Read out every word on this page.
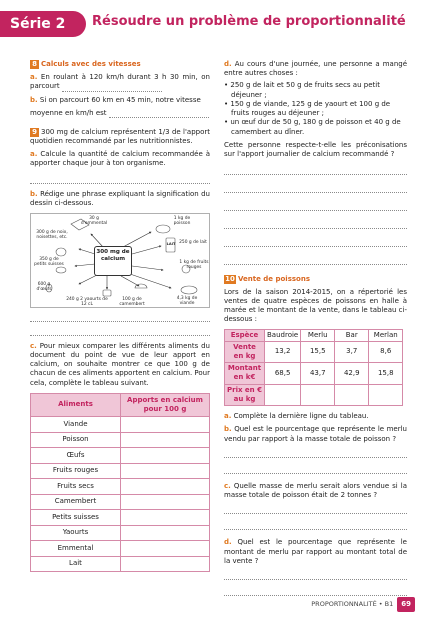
Série 2 Résoudre un problème de proportionnalité

8 Calculs avec des vitesses

a. En roulant à 120 km/h durant 3 h 30 min, on parcourt

b. Si on parcourt 60 km en 45 min, notre vitesse

moyenne en km/h est

9 300 mg de calcium représentent 1/3 de l'apport quotidien recommandé par les nutritionnistes.

a. Calcule la quantité de calcium recommandée à apporter chaque jour à ton organisme.

b. Rédige une phrase expliquant la signification du dessin ci-dessous.

300 mg de calcium
30 g d'emmental
1 kg de poisson
300 g de noix, noisettes, etc.
250 g de lait
350 g de petits suisses	1 kg de fruits rouges
600 g d'œufs
240 g 2 yaourts de 12 cL
100 g de camembert
4,3 kg de viande
LAIT

c. Pour mieux comparer les différents aliments du document du point de vue de leur apport en calcium, on souhaite montrer ce que 100 g de chacun de ces aliments apportent en calcium. Pour cela, complète le tableau suivant.

Aliments	Apports en calcium pour 100 g
Viande	
Poisson	
Œufs	
Fruits rouges	
Fruits secs	
Camembert	
Petits suisses	
Yaourts	
Emmental	
Lait	

d. Au cours d'une journée, une personne a mangé entre autres choses :

• 250 g de lait et 50 g de fruits secs au petit déjeuner ;
• 150 g de viande, 125 g de yaourt et 100 g de fruits rouges au déjeuner ;
• un œuf dur de 50 g, 180 g de poisson et 40 g de camembert au dîner.

Cette personne respecte-t-elle les préconisations sur l'apport journalier de calcium recommandé ?

10 Vente de poissons

Lors de la saison 2014-2015, on a répertorié les ventes de quatre espèces de poissons en halle à marée et le montant de la vente, dans le tableau ci-dessous :

Espèce	Baudroie	Merlu	Bar	Merlan
Vente en kg	13,2	15,5	3,7	8,6
Montant en k€	68,5	43,7	42,9	15,8
Prix en € au kg				

a. Complète la dernière ligne du tableau.

b. Quel est le pourcentage que représente le merlu vendu par rapport à la masse totale de poisson ?

c. Quelle masse de merlu serait alors vendue si la masse totale de poisson était de 2 tonnes ?

d. Quel est le pourcentage que représente le montant de merlu par rapport au montant total de la vente ?

PROPORTIONNALITÉ • B1	69
